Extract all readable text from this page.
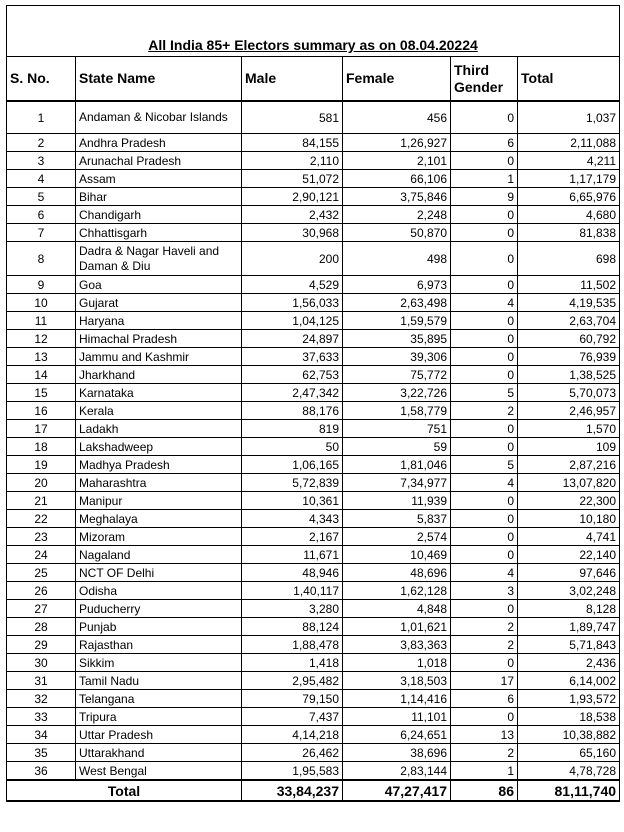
All India 85+ Electors summary as on 08.04.20224					
S. No.	State Name	Male	Female	Third Gender	Total
1	Andaman & Nicobar Islands	581	456	0	1,037
2	Andhra Pradesh	84,155	1,26,927	6	2,11,088
3	Arunachal Pradesh	2,110	2,101	0	4,211
4	Assam	51,072	66,106	1	1,17,179
5	Bihar	2,90,121	3,75,846	9	6,65,976
6	Chandigarh	2,432	2,248	0	4,680
7	Chhattisgarh	30,968	50,870	0	81,838
8	Dadra & Nagar Haveli and Daman & Diu	200	498	0	698
9	Goa	4,529	6,973	0	11,502
10	Gujarat	1,56,033	2,63,498	4	4,19,535
11	Haryana	1,04,125	1,59,579	0	2,63,704
12	Himachal Pradesh	24,897	35,895	0	60,792
13	Jammu and Kashmir	37,633	39,306	0	76,939
14	Jharkhand	62,753	75,772	0	1,38,525
15	Karnataka	2,47,342	3,22,726	5	5,70,073
16	Kerala	88,176	1,58,779	2	2,46,957
17	Ladakh	819	751	0	1,570
18	Lakshadweep	50	59	0	109
19	Madhya Pradesh	1,06,165	1,81,046	5	2,87,216
20	Maharashtra	5,72,839	7,34,977	4	13,07,820
21	Manipur	10,361	11,939	0	22,300
22	Meghalaya	4,343	5,837	0	10,180
23	Mizoram	2,167	2,574	0	4,741
24	Nagaland	11,671	10,469	0	22,140
25	NCT OF Delhi	48,946	48,696	4	97,646
26	Odisha	1,40,117	1,62,128	3	3,02,248
27	Puducherry	3,280	4,848	0	8,128
28	Punjab	88,124	1,01,621	2	1,89,747
29	Rajasthan	1,88,478	3,83,363	2	5,71,843
30	Sikkim	1,418	1,018	0	2,436
31	Tamil Nadu	2,95,482	3,18,503	17	6,14,002
32	Telangana	79,150	1,14,416	6	1,93,572
33	Tripura	7,437	11,101	0	18,538
34	Uttar Pradesh	4,14,218	6,24,651	13	10,38,882
35	Uttarakhand	26,462	38,696	2	65,160
36	West Bengal	1,95,583	2,83,144	1	4,78,728
Total		33,84,237	47,27,417	86	81,11,740
